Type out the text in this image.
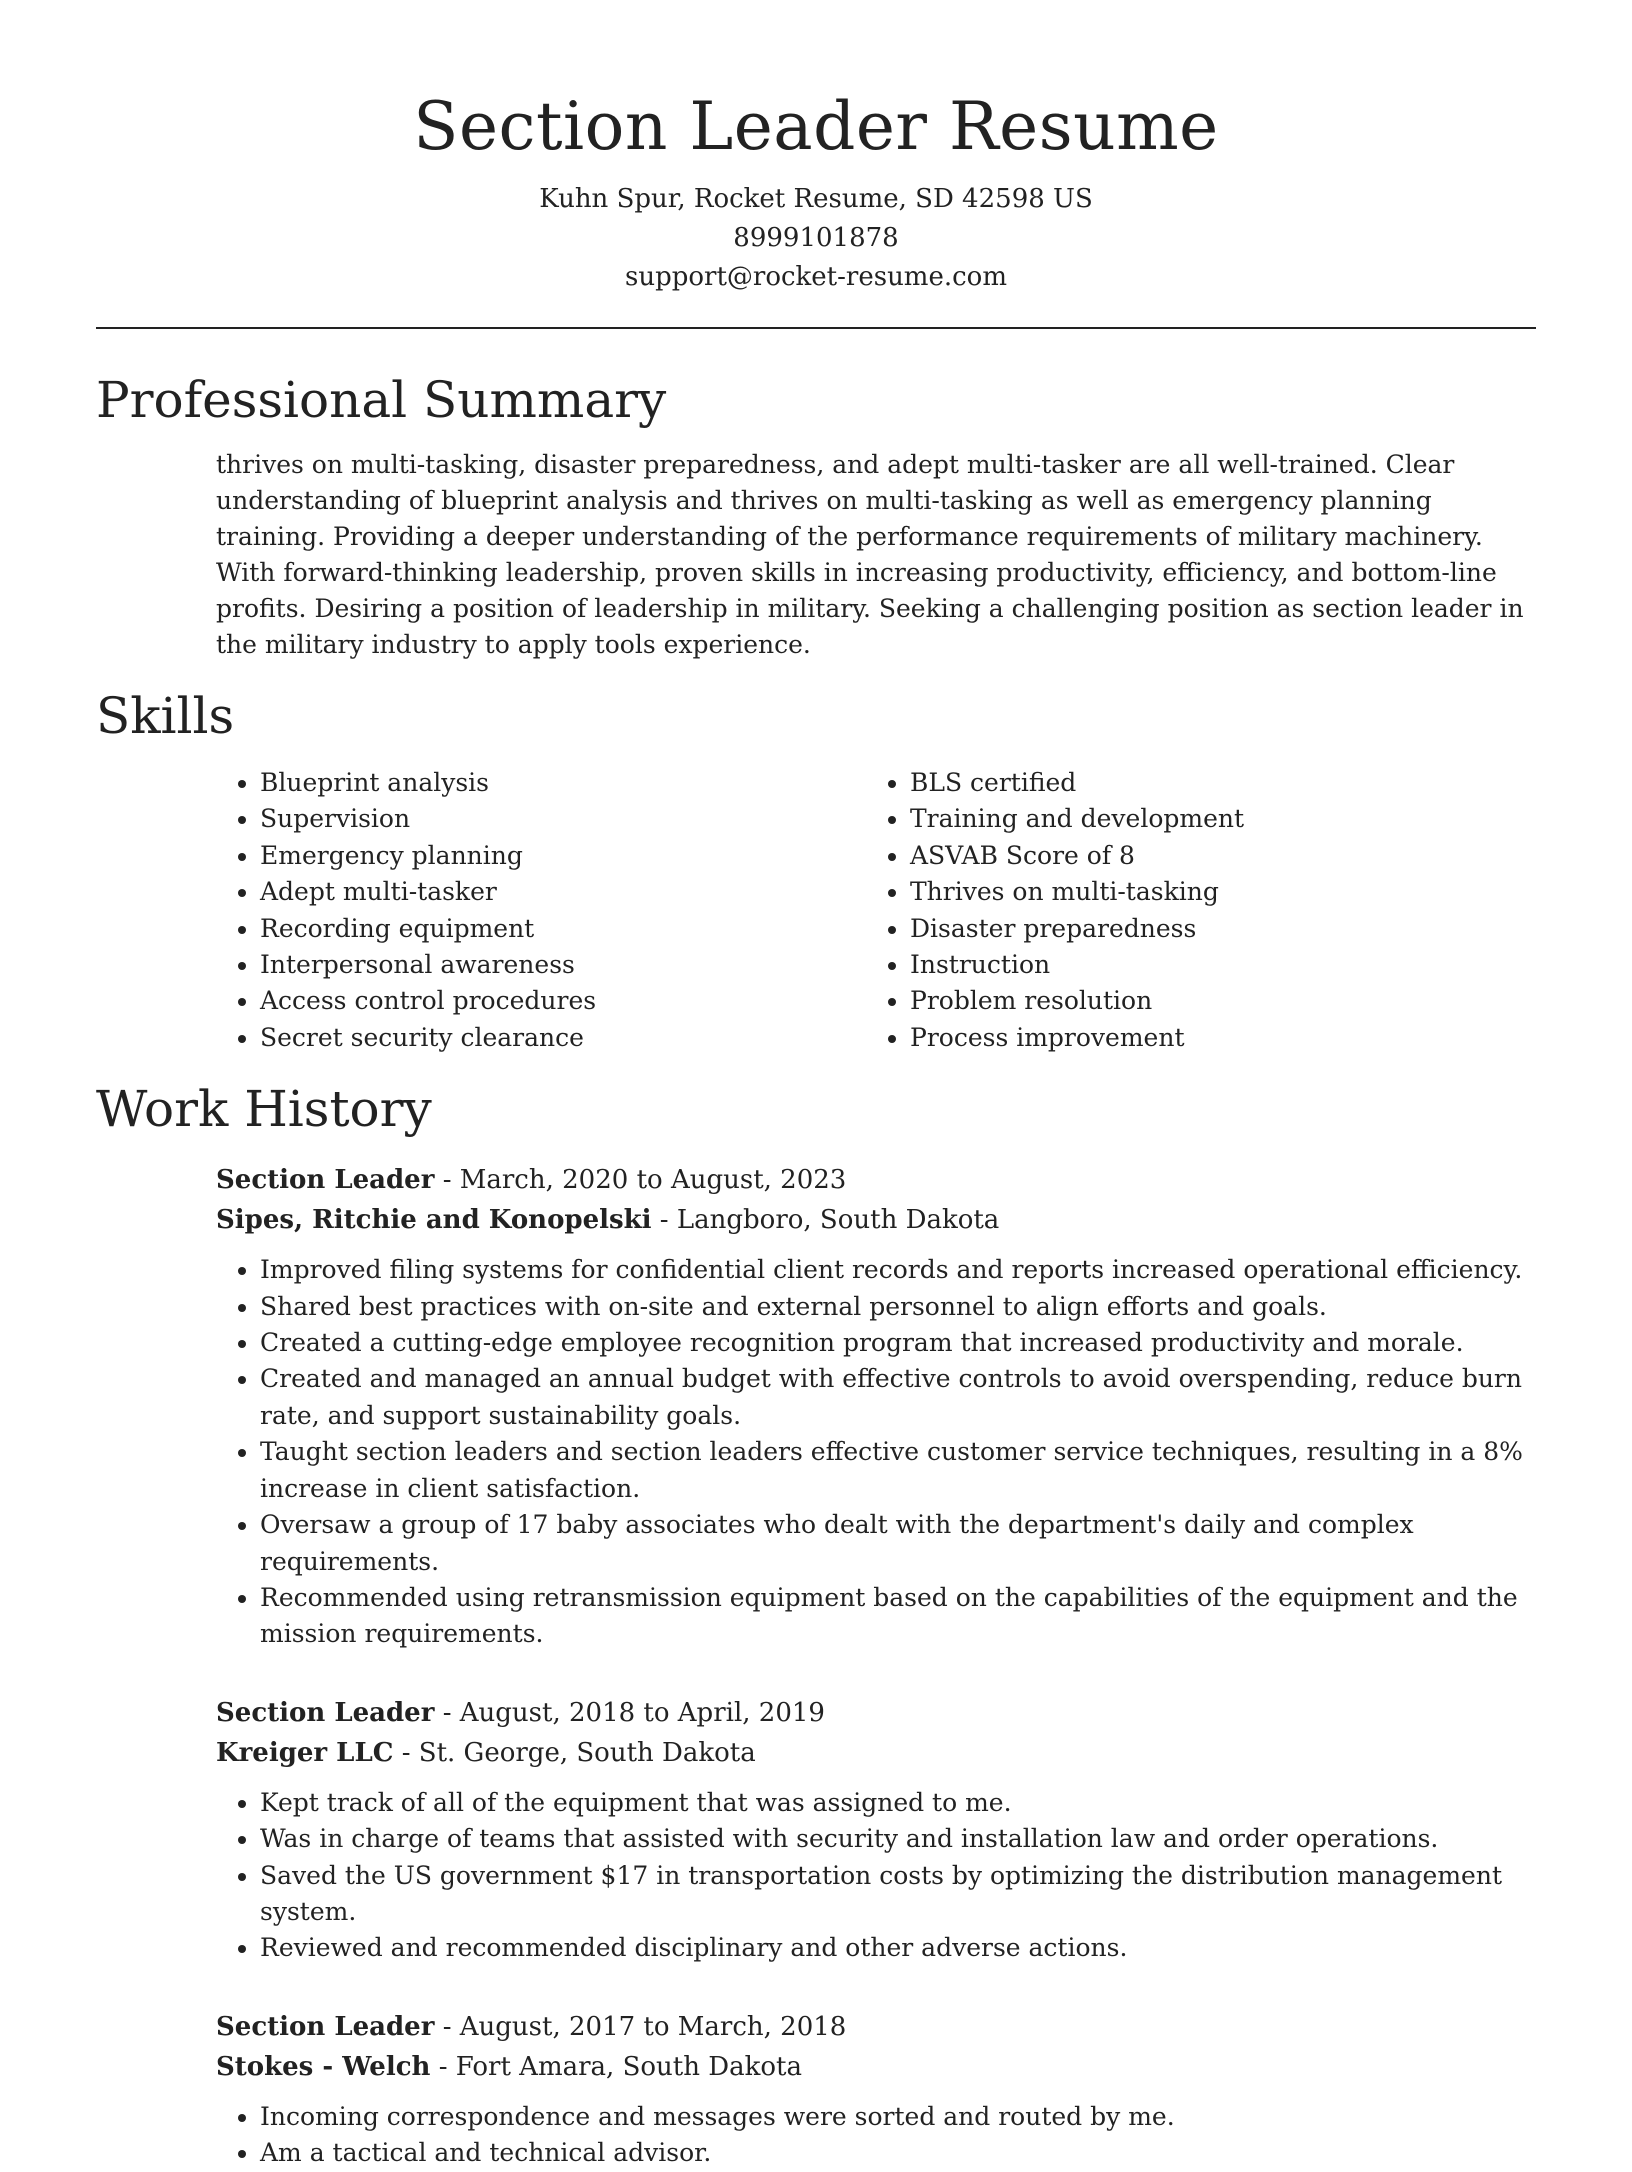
Section Leader Resume
Kuhn Spur, Rocket Resume, SD 42598 US
8999101878
support@rocket-resume.com
Professional Summary

thrives on multi-tasking, disaster preparedness, and adept multi-tasker are all well-trained. Clear understanding of blueprint analysis and thrives on multi-tasking as well as emergency planning training. Providing a deeper understanding of the performance requirements of military machinery. With forward-thinking leadership, proven skills in increasing productivity, efficiency, and bottom-line profits. Desiring a position of leadership in military. Seeking a challenging position as section leader in the military industry to apply tools experience.

Skills
• Blueprint analysis
• Supervision
• Emergency planning
• Adept multi-tasker
• Recording equipment
• Interpersonal awareness
• Access control procedures
• Secret security clearance
• BLS certified
• Training and development
• ASVAB Score of 8
• Thrives on multi-tasking
• Disaster preparedness
• Instruction
• Problem resolution
• Process improvement
Work History

Section Leader - March, 2020 to August, 2023

Sipes, Ritchie and Konopelski - Langboro, South Dakota

• Improved filing systems for confidential client records and reports increased operational efficiency.
• Shared best practices with on-site and external personnel to align efforts and goals.
• Created a cutting-edge employee recognition program that increased productivity and morale.
• Created and managed an annual budget with effective controls to avoid overspending, reduce burn rate, and support sustainability goals.
• Taught section leaders and section leaders effective customer service techniques, resulting in a 8% increase in client satisfaction.
• Oversaw a group of 17 baby associates who dealt with the department's daily and complex requirements.
• Recommended using retransmission equipment based on the capabilities of the equipment and the mission requirements.

Section Leader - August, 2018 to April, 2019

Kreiger LLC - St. George, South Dakota

• Kept track of all of the equipment that was assigned to me.
• Was in charge of teams that assisted with security and installation law and order operations.
• Saved the US government $17 in transportation costs by optimizing the distribution management system.
• Reviewed and recommended disciplinary and other adverse actions.

Section Leader - August, 2017 to March, 2018

Stokes - Welch - Fort Amara, South Dakota

• Incoming correspondence and messages were sorted and routed by me.
• Am a tactical and technical advisor.
